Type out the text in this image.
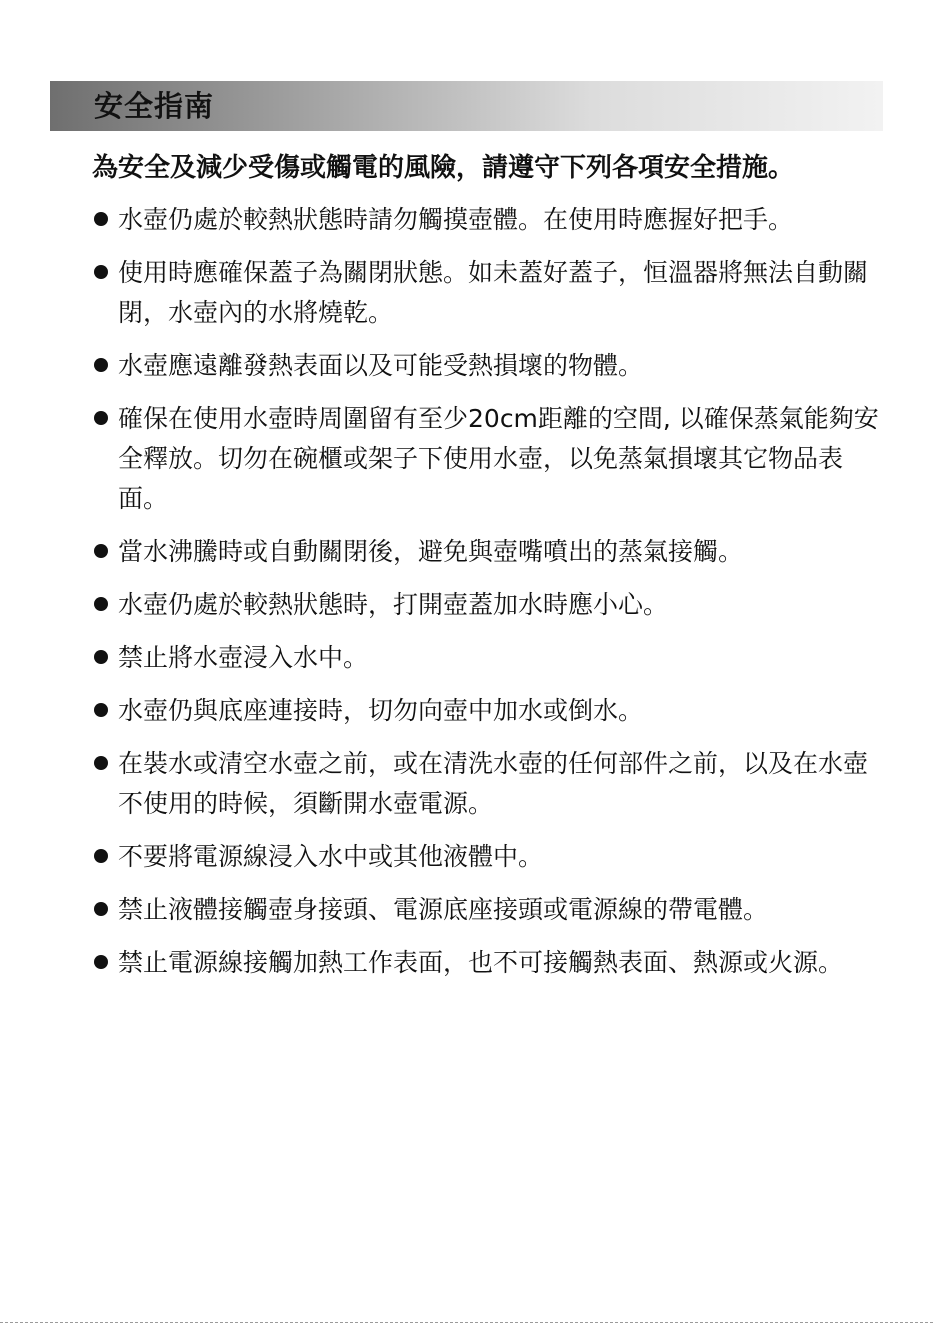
安全指南
為安全及減少受傷或觸電的風險，請遵守下列各項安全措施。
水壺仍處於較熱狀態時請勿觸摸壺體。在使用時應握好把手。
使用時應確保蓋子為關閉狀態。如未蓋好蓋子，恒溫器將無法自動關閉，水壺內的水將燒乾。
水壺應遠離發熱表面以及可能受熱損壞的物體。
確保在使用水壺時周圍留有至少20cm距離的空間, 以確保蒸氣能夠安全釋放。切勿在碗櫃或架子下使用水壺，以免蒸氣損壞其它物品表面。
當水沸騰時或自動關閉後，避免與壺嘴噴出的蒸氣接觸。
水壺仍處於較熱狀態時，打開壺蓋加水時應小心。
禁止將水壺浸入水中。
水壺仍與底座連接時，切勿向壺中加水或倒水。
在裝水或清空水壺之前，或在清洗水壺的任何部件之前，以及在水壺不使用的時候，須斷開水壺電源。
不要將電源線浸入水中或其他液體中。
禁止液體接觸壺身接頭、電源底座接頭或電源線的帶電體。
禁止電源線接觸加熱工作表面，也不可接觸熱表面、熱源或火源。
